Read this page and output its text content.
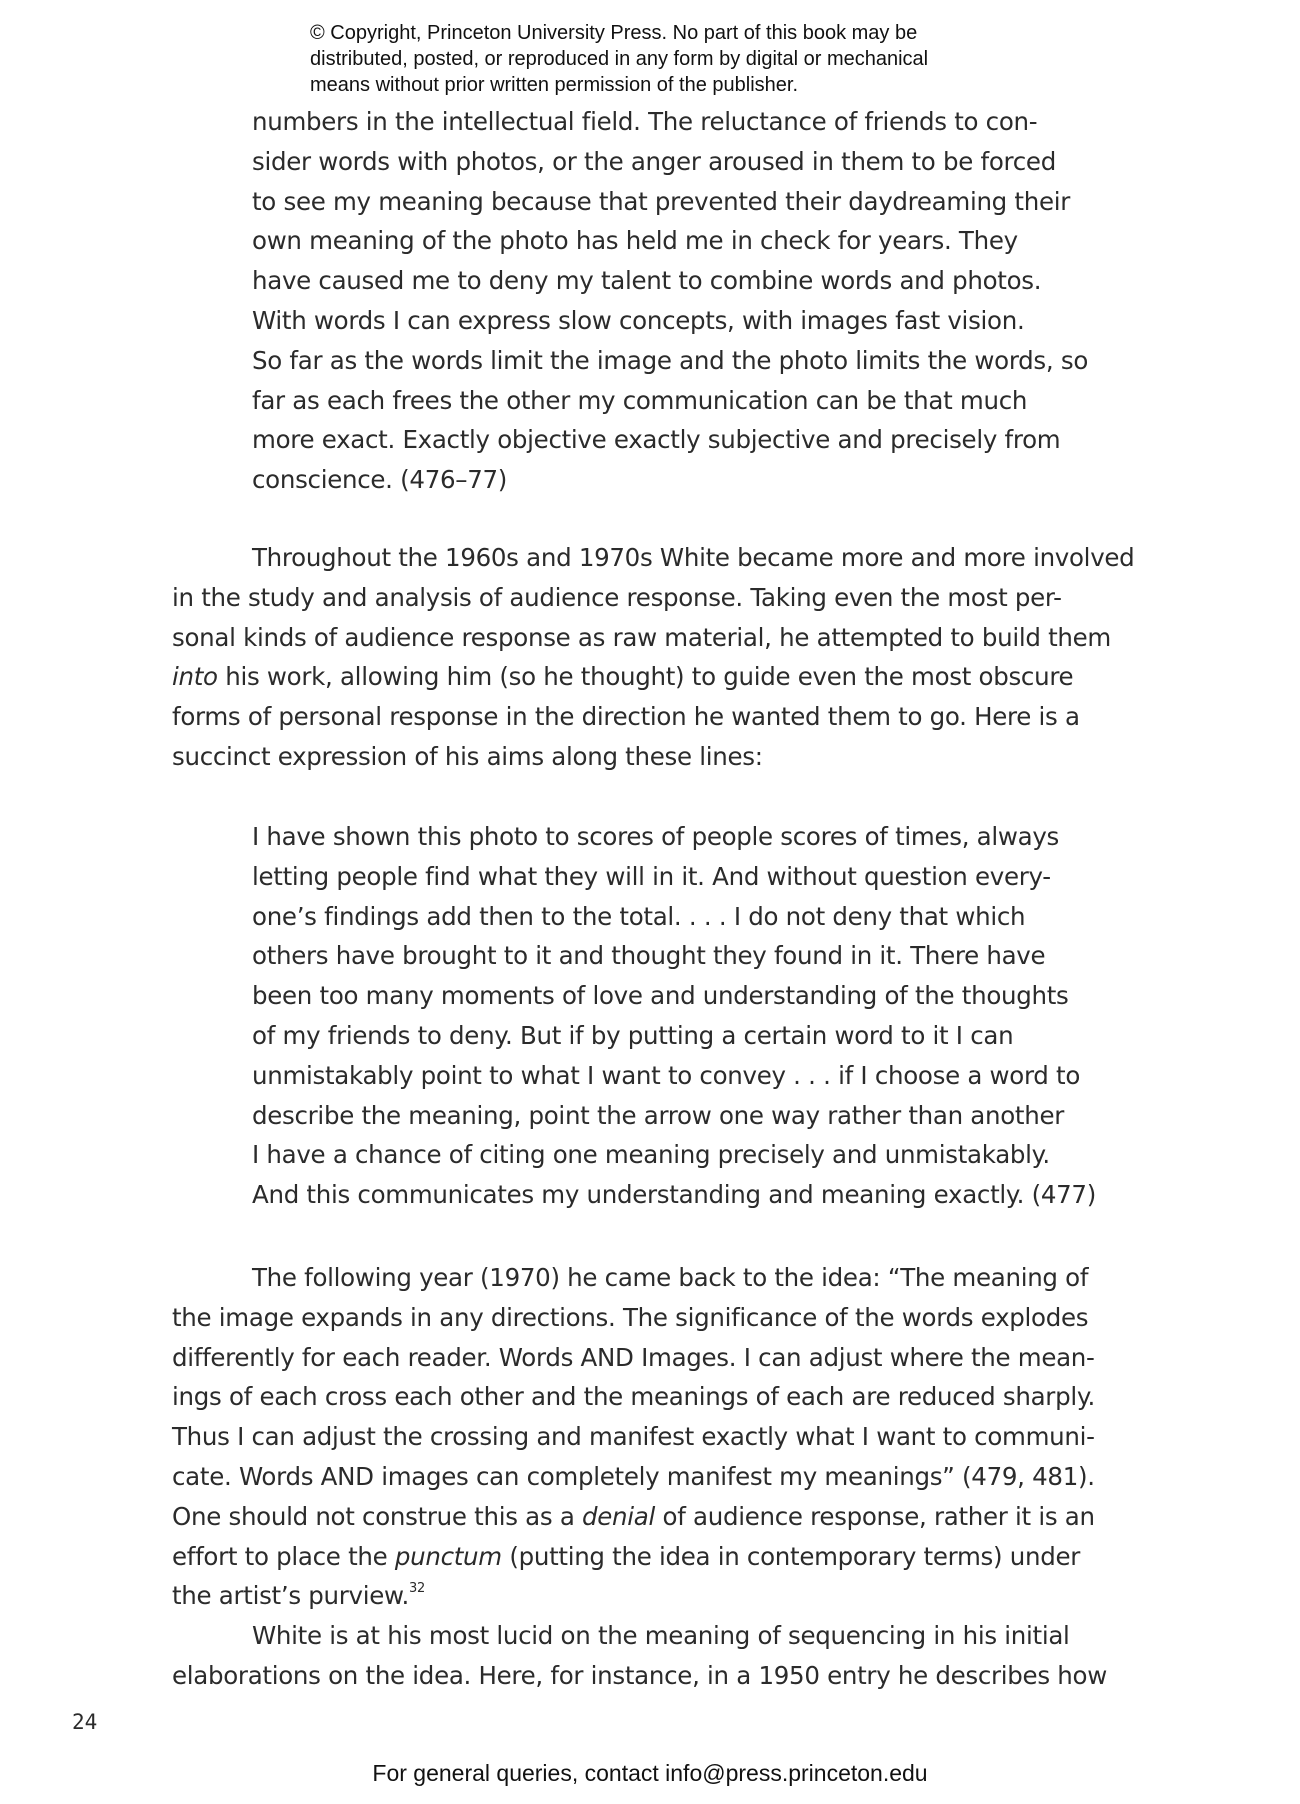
© Copyright, Princeton University Press. No part of this book may be
distributed, posted, or reproduced in any form by digital or mechanical
means without prior written permission of the publisher.
numbers in the intellectual field. The reluctance of friends to con-
sider words with photos, or the anger aroused in them to be forced
to see my meaning because that prevented their daydreaming their
own meaning of the photo has held me in check for years. They
have caused me to deny my talent to combine words and photos.
With words I can express slow concepts, with images fast vision.
So far as the words limit the image and the photo limits the words, so
far as each frees the other my communication can be that much
more exact. Exactly objective exactly subjective and precisely from
conscience. (476–77)
Throughout the 1960s and 1970s White became more and more involved
in the study and analysis of audience response. Taking even the most per-
sonal kinds of audience response as raw material, he attempted to build them
into his work, allowing him (so he thought) to guide even the most obscure
forms of personal response in the direction he wanted them to go. Here is a
succinct expression of his aims along these lines:
I have shown this photo to scores of people scores of times, always
letting people find what they will in it. And without question every-
one’s findings add then to the total. . . . I do not deny that which
others have brought to it and thought they found in it. There have
been too many moments of love and understanding of the thoughts
of my friends to deny. But if by putting a certain word to it I can
unmistakably point to what I want to convey . . . if I choose a word to
describe the meaning, point the arrow one way rather than another
I have a chance of citing one meaning precisely and unmistakably.
And this communicates my understanding and meaning exactly. (477)
The following year (1970) he came back to the idea: “The meaning of
the image expands in any directions. The significance of the words explodes
differently for each reader. Words AND Images. I can adjust where the mean-
ings of each cross each other and the meanings of each are reduced sharply.
Thus I can adjust the crossing and manifest exactly what I want to communi-
cate. Words AND images can completely manifest my meanings” (479, 481).
One should not construe this as a denial of audience response, rather it is an
effort to place the punctum (putting the idea in contemporary terms) under
the artist’s purview.$^{32}$
White is at his most lucid on the meaning of sequencing in his initial
elaborations on the idea. Here, for instance, in a 1950 entry he describes how
24
For general queries, contact info@press.princeton.edu
